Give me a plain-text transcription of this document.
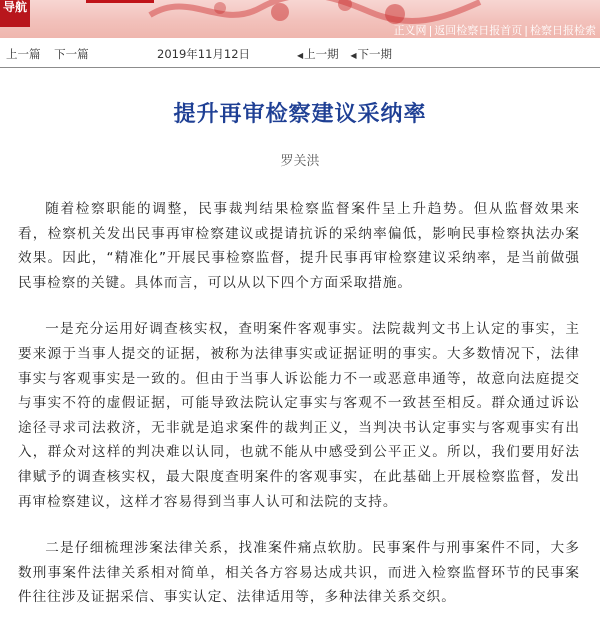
导航
正义网 | 返回检察日报首页 | 检察日报检索
上一篇 下一篇	2019年11月12日	◀上一期 ◀下一期
提升再审检察建议采纳率
罗关洪

随着检察职能的调整，民事裁判结果检察监督案件呈上升趋势。但从监督效果来看，检察机关发出民事再审检察建议或提请抗诉的采纳率偏低，影响民事检察执法办案效果。因此，“精准化”开展民事检察监督，提升民事再审检察建议采纳率，是当前做强民事检察的关键。具体而言，可以从以下四个方面采取措施。

一是充分运用好调查核实权，查明案件客观事实。法院裁判文书上认定的事实，主要来源于当事人提交的证据，被称为法律事实或证据证明的事实。大多数情况下，法律事实与客观事实是一致的。但由于当事人诉讼能力不一或恶意串通等，故意向法庭提交与事实不符的虚假证据，可能导致法院认定事实与客观不一致甚至相反。群众通过诉讼途径寻求司法救济，无非就是追求案件的裁判正义，当判决书认定事实与客观事实有出入，群众对这样的判决难以认同，也就不能从中感受到公平正义。所以，我们要用好法律赋予的调查核实权，最大限度查明案件的客观事实，在此基础上开展检察监督，发出再审检察建议，这样才容易得到当事人认可和法院的支持。

二是仔细梳理涉案法律关系，找准案件痛点软肋。民事案件与刑事案件不同，大多数刑事案件法律关系相对简单，相关各方容易达成共识，而进入检察监督环节的民事案件往往涉及证据采信、事实认定、法律适用等，多种法律关系交织。
